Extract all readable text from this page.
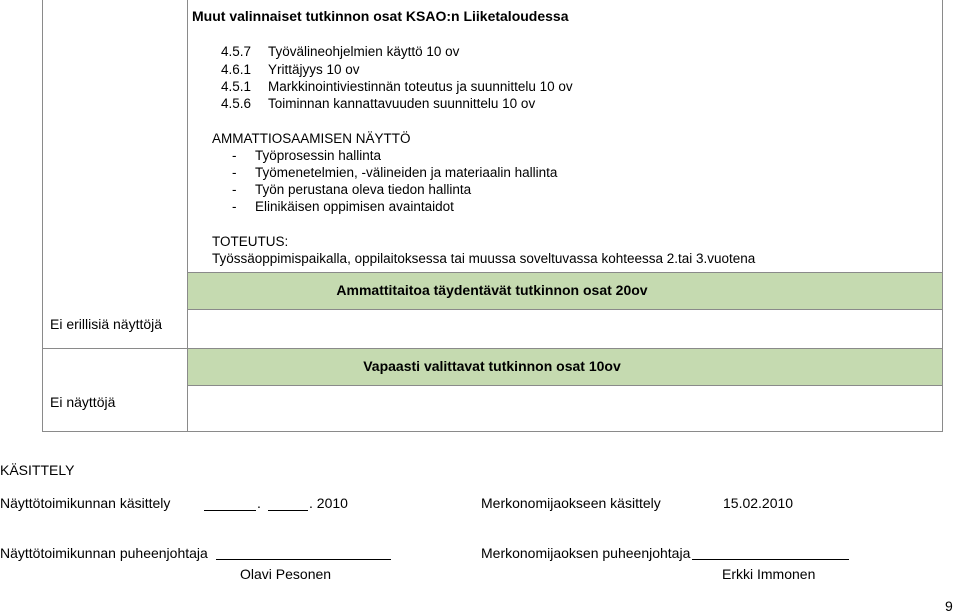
Muut valinnaiset tutkinnon osat KSAO:n Liiketaloudessa
4.5.7 Työvälineohjelmien käyttö 10 ov
4.6.1 Yrittäjyys 10 ov
4.5.1 Markkinointiviestinnän toteutus ja suunnittelu 10 ov
4.5.6 Toiminnan kannattavuuden suunnittelu 10 ov
AMMATTIOSAAMISEN NÄYTTÖ
- Työprosessin hallinta
- Työmenetelmien, -välineiden ja materiaalin hallinta
- Työn perustana oleva tiedon hallinta
- Elinikäisen oppimisen avaintaidot
TOTEUTUS:
Työssäoppimispaikalla, oppilaitoksessa tai muussa soveltuvassa kohteessa 2.tai 3.vuotena
Ammattitaitoa täydentävät tutkinnon osat 20ov
Ei erillisiä näyttöjä
Vapaasti valittavat tutkinnon osat 10ov
Ei näyttöjä
KÄSITTELY
Näyttötoimikunnan käsittely	.	. 2010	Merkonomijaokseen käsittely	15.02.2010
Näyttötoimikunnan puheenjohtaja
Olavi Pesonen
Merkonomijaoksen puheenjohtaja
Erkki Immonen
9
